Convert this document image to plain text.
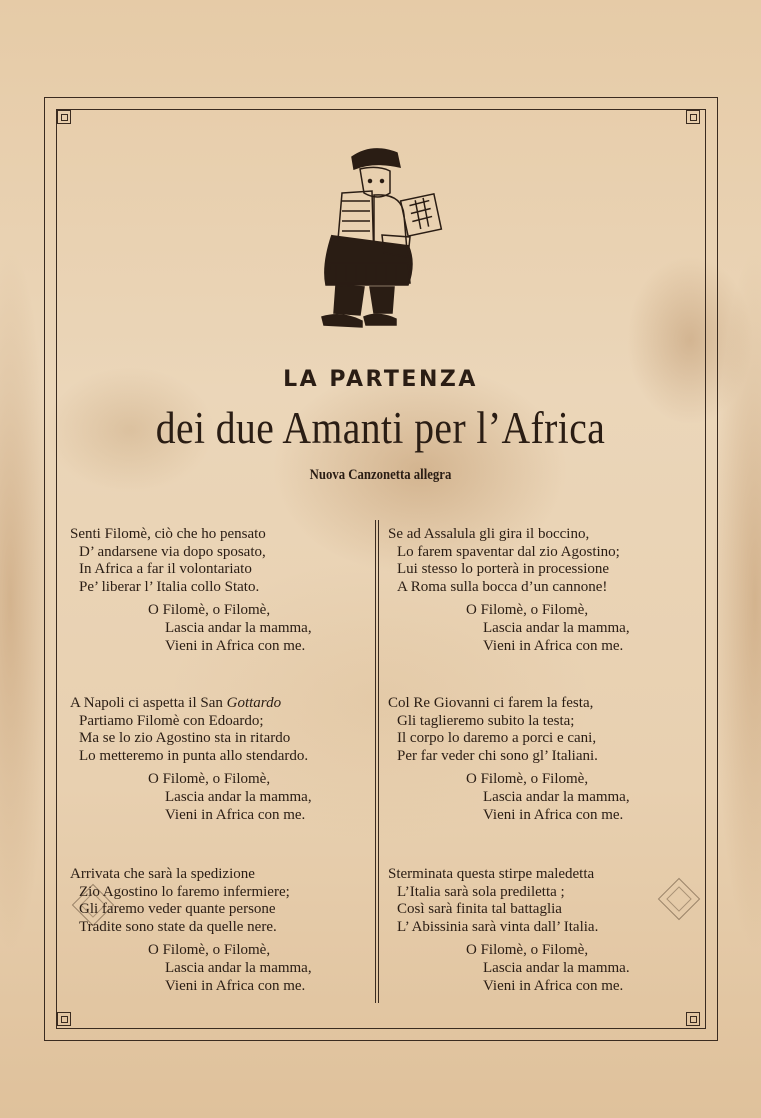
LA PARTENZA
dei due Amanti per l’Africa
Nuova Canzonetta allegra
Senti Filomè, ciò che ho pensato
D’ andarsene via dopo sposato,
In Africa a far il volontariato
Pe’ liberar l’ Italia collo Stato.
O Filomè, o Filomè,
Lascia andar la mamma,
Vieni in Africa con me.
A Napoli ci aspetta il San Gottardo
Partiamo Filomè con Edoardo;
Ma se lo zio Agostino sta in ritardo
Lo metteremo in punta allo stendardo.
O Filomè, o Filomè,
Lascia andar la mamma,
Vieni in Africa con me.
Arrivata che sarà la spedizione
Zio Agostino lo faremo infermiere;
Gli faremo veder quante persone
Tradite sono state da quelle nere.
O Filomè, o Filomè,
Lascia andar la mamma,
Vieni in Africa con me.
Se ad Assalula gli gira il boccino,
Lo farem spaventar dal zio Agostino;
Lui stesso lo porterà in processione
A Roma sulla bocca d’un cannone!
O Filomè, o Filomè,
Lascia andar la mamma,
Vieni in Africa con me.
Col Re Giovanni ci farem la festa,
Gli taglieremo subito la testa;
Il corpo lo daremo a porci e cani,
Per far veder chi sono gl’ Italiani.
O Filomè, o Filomè,
Lascia andar la mamma,
Vieni in Africa con me.
Sterminata questa stirpe maledetta
L’Italia sarà sola prediletta ;
Così sarà finita tal battaglia
L’ Abissinia sarà vinta dall’ Italia.
O Filomè, o Filomè,
Lascia andar la mamma.
Vieni in Africa con me.
